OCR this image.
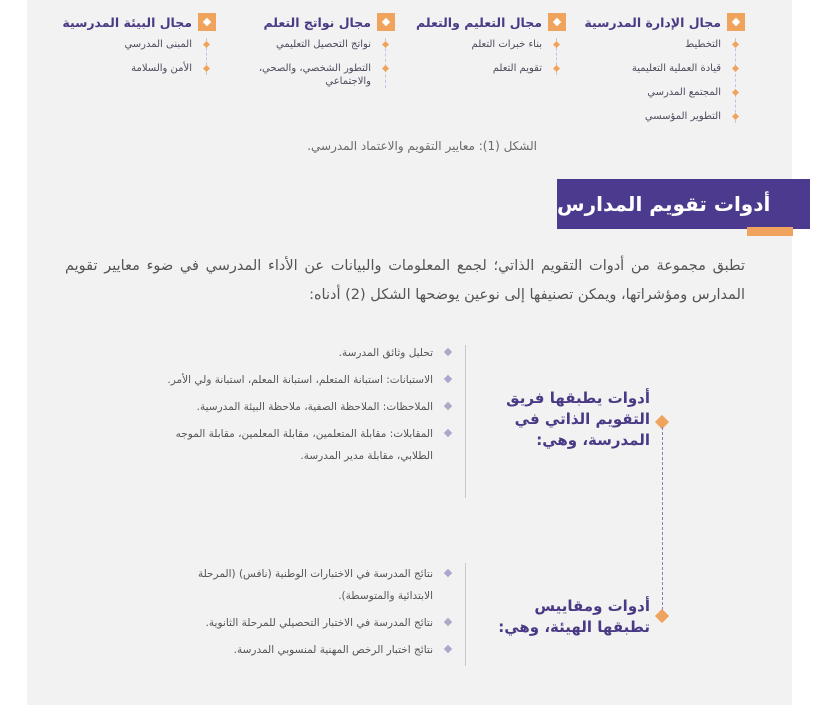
مجال الإدارة المدرسية
التخطيط
قيادة العملية التعليمية
المجتمع المدرسي
التطوير المؤسسي
مجال التعليم والتعلم
بناء خبرات التعلم
تقويم التعلم
مجال نواتج التعلم
نواتج التحصيل التعليمي
التطور الشخصي، والصحي، والاجتماعي
مجال البيئة المدرسية
المبنى المدرسي
الأمن والسلامة
الشكل (1): معايير التقويم والاعتماد المدرسي.
أدوات تقويم المدارس
تطبق مجموعة من أدوات التقويم الذاتي؛ لجمع المعلومات والبيانات عن الأداء المدرسي في ضوء معايير تقويم المدارس ومؤشراتها، ويمكن تصنيفها إلى نوعين يوضحها الشكل (2) أدناه:
أدوات يطبقها فريق التقويم الذاتي في المدرسة، وهي:
تحليل وثائق المدرسة.
الاستبانات: استبانة المتعلم، استبانة المعلم، استبانة ولي الأمر.
الملاحظات: الملاحظة الصفية، ملاحظة البيئة المدرسية.
المقابلات: مقابلة المتعلمين، مقابلة المعلمين، مقابلة الموجه الطلابي، مقابلة مدير المدرسة.
أدوات ومقاييس تطبقها الهيئة، وهي:
نتائج المدرسة في الاختبارات الوطنية (نافس) (المرحلة الابتدائية والمتوسطة).
نتائج المدرسة في الاختبار التحصيلي للمرحلة الثانوية.
نتائج اختبار الرخص المهنية لمنسوبي المدرسة.
